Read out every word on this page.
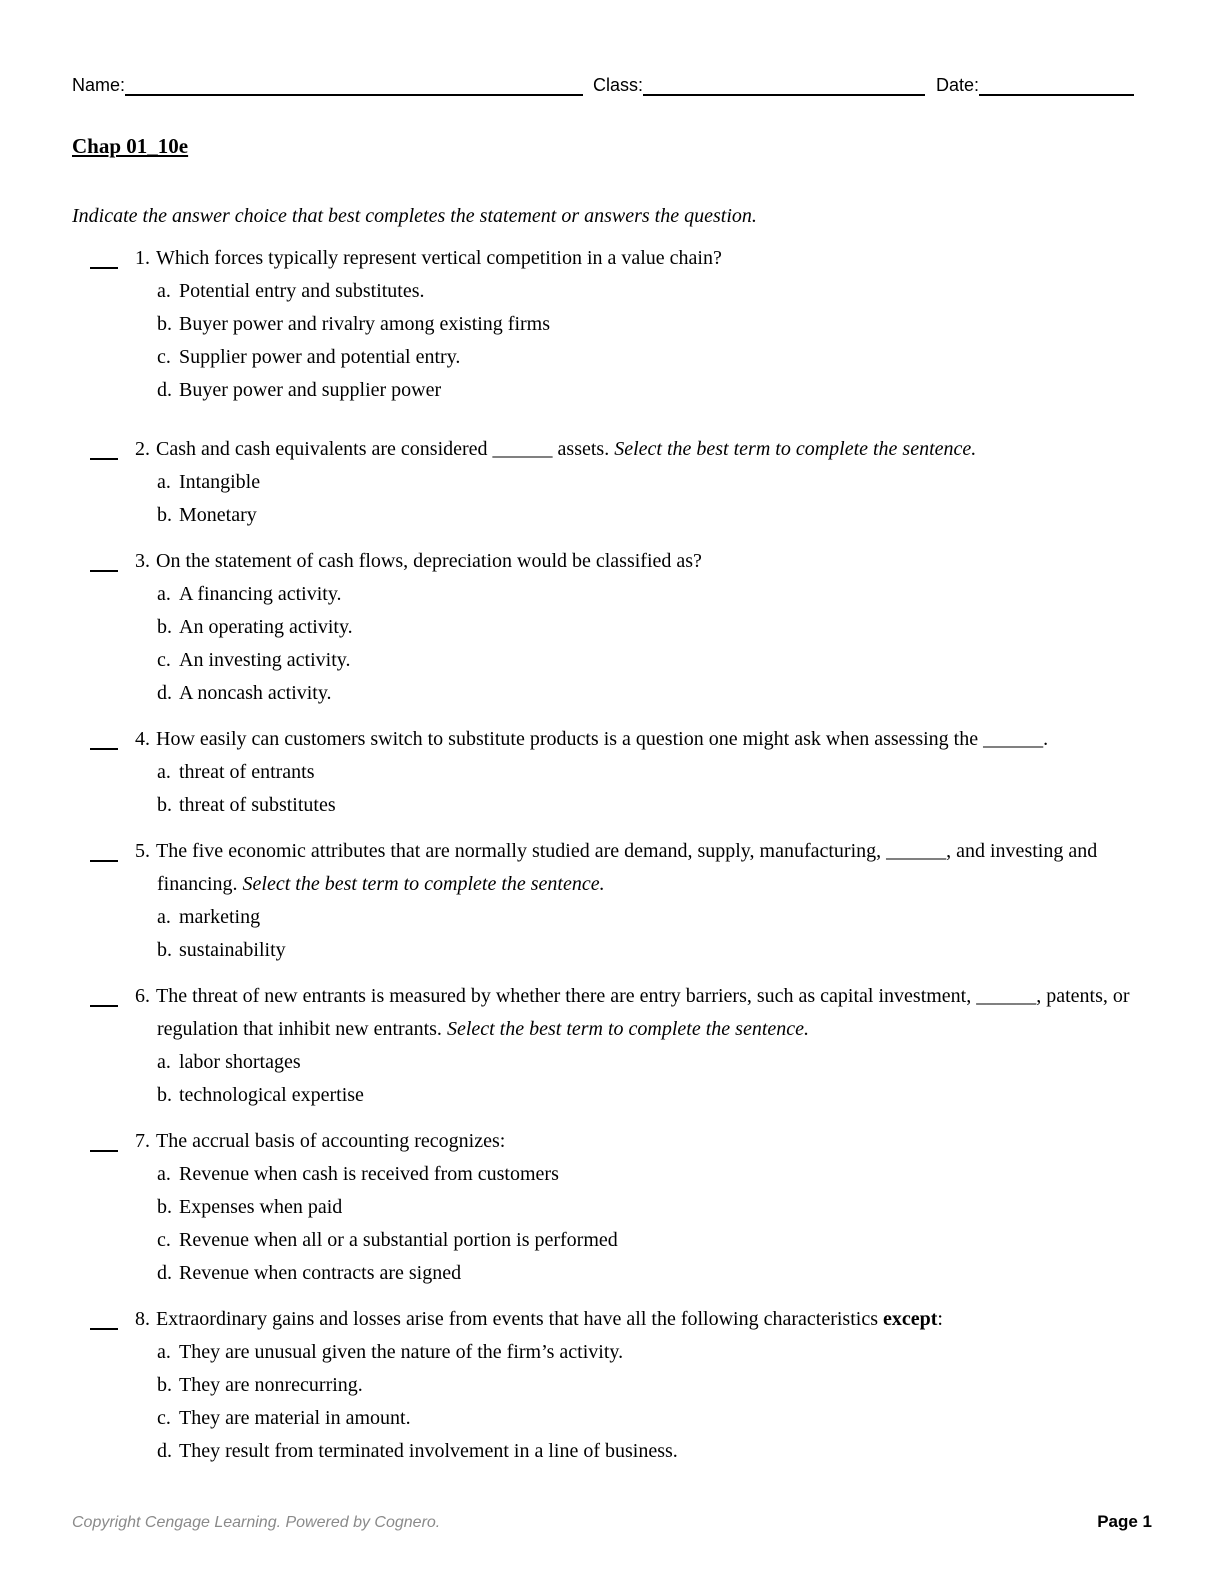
Name:	Class:	Date:
Chap 01_10e
Indicate the answer choice that best completes the statement or answers the question.

1. Which forces typically represent vertical competition in a value chain?

a. Potential entry and substitutes.
b. Buyer power and rivalry among existing firms
c. Supplier power and potential entry.
d. Buyer power and supplier power

2. Cash and cash equivalents are considered ______ assets. Select the best term to complete the sentence.

a. Intangible
b. Monetary

3. On the statement of cash flows, depreciation would be classified as?

a. A financing activity.
b. An operating activity.
c. An investing activity.
d. A noncash activity.

4. How easily can customers switch to substitute products is a question one might ask when assessing the ______.

a. threat of entrants
b. threat of substitutes

5. The five economic attributes that are normally studied are demand, supply, manufacturing, ______, and investing and financing. Select the best term to complete the sentence.

a. marketing
b. sustainability

6. The threat of new entrants is measured by whether there are entry barriers, such as capital investment, ______, patents, or regulation that inhibit new entrants. Select the best term to complete the sentence.

a. labor shortages
b. technological expertise

7. The accrual basis of accounting recognizes:

a. Revenue when cash is received from customers
b. Expenses when paid
c. Revenue when all or a substantial portion is performed
d. Revenue when contracts are signed

8. Extraordinary gains and losses arise from events that have all the following characteristics except:

a. They are unusual given the nature of the firm’s activity.
b. They are nonrecurring.
c. They are material in amount.
d. They result from terminated involvement in a line of business.
Copyright Cengage Learning. Powered by Cognero.	Page 1
